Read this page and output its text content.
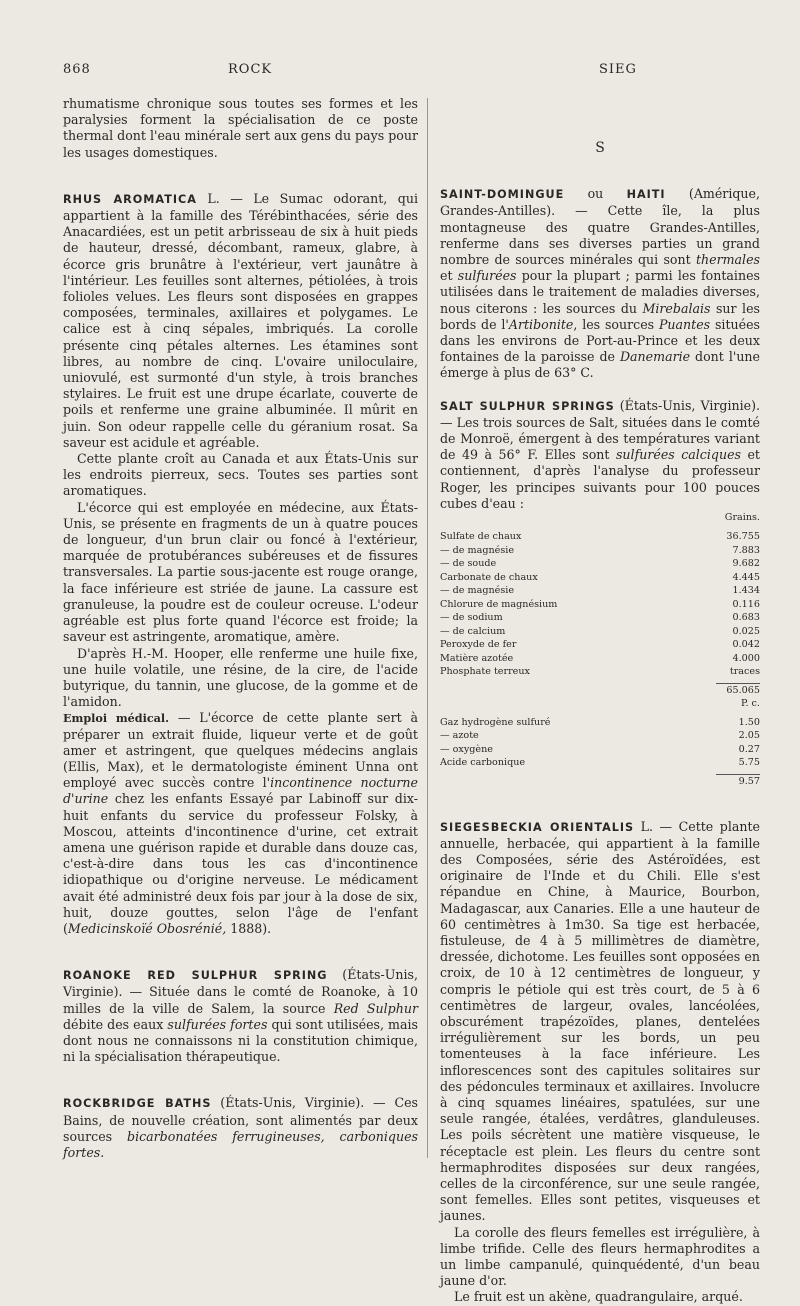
868	ROCK	SIEG

rhumatisme chronique sous toutes ses formes et les paralysies forment la spécialisation de ce poste thermal dont l'eau minérale sert aux gens du pays pour les usages domestiques.

RHUS AROMATICA L. — Le Sumac odorant, qui appartient à la famille des Térébinthacées, série des Anacardiées, est un petit arbrisseau de six à huit pieds de hauteur, dressé, décombant, rameux, glabre, à écorce gris brunâtre à l'extérieur, vert jaunâtre à l'intérieur. Les feuilles sont alternes, pétiolées, à trois folioles velues. Les fleurs sont disposées en grappes composées, terminales, axillaires et polygames. Le calice est à cinq sépales, imbriqués. La corolle présente cinq pétales alternes. Les étamines sont libres, au nombre de cinq. L'ovaire uniloculaire, uniovulé, est surmonté d'un style, à trois branches stylaires. Le fruit est une drupe écarlate, couverte de poils et renferme une graine albuminée. Il mûrit en juin. Son odeur rappelle celle du géranium rosat. Sa saveur est acidule et agréable.

Cette plante croît au Canada et aux États-Unis sur les endroits pierreux, secs. Toutes ses parties sont aromatiques.

L'écorce qui est employée en médecine, aux États-Unis, se présente en fragments de un à quatre pouces de longueur, d'un brun clair ou foncé à l'extérieur, marquée de protubérances subéreuses et de fissures transversales. La partie sous-jacente est rouge orange, la face inférieure est striée de jaune. La cassure est granuleuse, la poudre est de couleur ocreuse. L'odeur agréable est plus forte quand l'écorce est froide; la saveur est astringente, aromatique, amère.

D'après H.-M. Hooper, elle renferme une huile fixe, une huile volatile, une résine, de la cire, de l'acide butyrique, du tannin, une glucose, de la gomme et de l'amidon.

Emploi médical. — L'écorce de cette plante sert à préparer un extrait fluide, liqueur verte et de goût amer et astringent, que quelques médecins anglais (Ellis, Max), et le dermatologiste éminent Unna ont employé avec succès contre l'incontinence nocturne d'urine chez les enfants Essayé par Labinoff sur dix-huit enfants du service du professeur Folsky, à Moscou, atteints d'incontinence d'urine, cet extrait amena une guérison rapide et durable dans douze cas, c'est-à-dire dans tous les cas d'incontinence idiopathique ou d'origine nerveuse. Le médicament avait été administré deux fois par jour à la dose de six, huit, douze gouttes, selon l'âge de l'enfant (Medicinskoïé Obosrénié, 1888).

ROANOKE RED SULPHUR SPRING (États-Unis, Virginie). — Située dans le comté de Roanoke, à 10 milles de la ville de Salem, la source Red Sulphur débite des eaux sulfurées fortes qui sont utilisées, mais dont nous ne connaissons ni la constitution chimique, ni la spécialisation thérapeutique.

ROCKBRIDGE BATHS (États-Unis, Virginie). — Ces Bains, de nouvelle création, sont alimentés par deux sources bicarbonatées ferrugineuses, carboniques fortes.

S

SAINT-DOMINGUE ou HAITI (Amérique, Grandes-Antilles). — Cette île, la plus montagneuse des quatre Grandes-Antilles, renferme dans ses diverses parties un grand nombre de sources minérales qui sont thermales et sulfurées pour la plupart ; parmi les fontaines utilisées dans le traitement de maladies diverses, nous citerons : les sources du Mirebalais sur les bords de l'Artibonite, les sources Puantes situées dans les environs de Port-au-Prince et les deux fontaines de la paroisse de Danemarie dont l'une émerge à plus de 63° C.

SALT SULPHUR SPRINGS (États-Unis, Virginie). — Les trois sources de Salt, situées dans le comté de Monroë, émergent à des températures variant de 49 à 56° F. Elles sont sulfurées calciques et contiennent, d'après l'analyse du professeur Roger, les principes suivants pour 100 pouces cubes d'eau :

Grains.
Sulfate de chaux	36.755
— de magnésie	7.883
— de soude	9.682
Carbonate de chaux	4.445
— de magnésie	1.434
Chlorure de magnésium	0.116
— de sodium	0.683
— de calcium	0.025
Peroxyde de fer	0.042
Matière azotée	4.000
Phosphate terreux	traces
65.065
P. c.
Gaz hydrogène sulfuré	1.50
— azote	2.05
— oxygène	0.27
Acide carbonique	5.75
9.57

SIEGESBECKIA ORIENTALIS L. — Cette plante annuelle, herbacée, qui appartient à la famille des Composées, série des Astéroïdées, est originaire de l'Inde et du Chili. Elle s'est répandue en Chine, à Maurice, Bourbon, Madagascar, aux Canaries. Elle a une hauteur de 60 centimètres à 1m30. Sa tige est herbacée, fistuleuse, de 4 à 5 millimètres de diamètre, dressée, dichotome. Les feuilles sont opposées en croix, de 10 à 12 centimètres de longueur, y compris le pétiole qui est très court, de 5 à 6 centimètres de largeur, ovales, lancéolées, obscurément trapézoïdes, planes, dentelées irrégulièrement sur les bords, un peu tomenteuses à la face inférieure. Les inflorescences sont des capitules solitaires sur des pédoncules terminaux et axillaires. Involucre à cinq squames linéaires, spatulées, sur une seule rangée, étalées, verdâtres, glanduleuses. Les poils sécrètent une matière visqueuse, le réceptacle est plein. Les fleurs du centre sont hermaphrodites disposées sur deux rangées, celles de la circonférence, sur une seule rangée, sont femelles. Elles sont petites, visqueuses et jaunes.

La corolle des fleurs femelles est irrégulière, à limbe trifide. Celle des fleurs hermaphrodites a un limbe campanulé, quinquédenté, d'un beau jaune d'or.

Le fruit est un akène, quadrangulaire, arqué.
